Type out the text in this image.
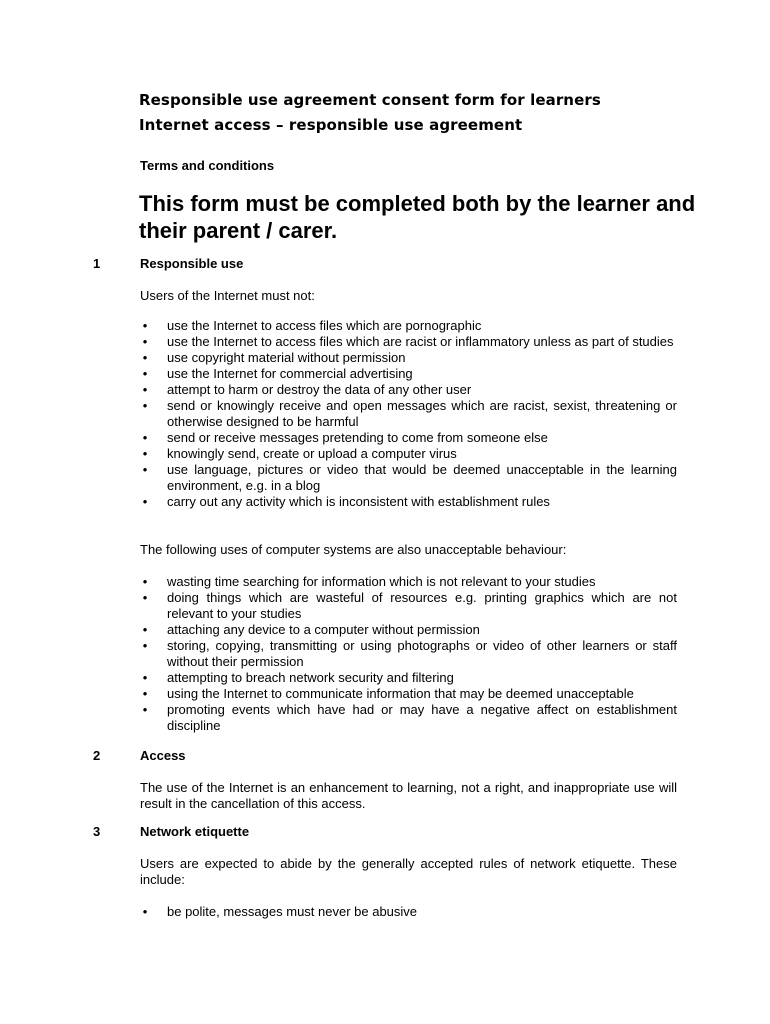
Responsible use agreement consent form for learners
Internet access – responsible use agreement
Terms and conditions
This form must be completed both by the learner and their parent / carer.
1	Responsible use
Users of the Internet must not:
• use the Internet to access files which are pornographic
• use the Internet to access files which are racist or inflammatory unless as part of studies
• use copyright material without permission
• use the Internet for commercial advertising
• attempt to harm or destroy the data of any other user
• send or knowingly receive and open messages which are racist, sexist, threatening or otherwise designed to be harmful
• send or receive messages pretending to come from someone else
• knowingly send, create or upload a computer virus
• use language, pictures or video that would be deemed unacceptable in the learning environment, e.g. in a blog
• carry out any activity which is inconsistent with establishment rules
The following uses of computer systems are also unacceptable behaviour:
• wasting time searching for information which is not relevant to your studies
• doing things which are wasteful of resources e.g. printing graphics which are not relevant to your studies
• attaching any device to a computer without permission
• storing, copying, transmitting or using photographs or video of other learners or staff without their permission
• attempting to breach network security and filtering
• using the Internet to communicate information that may be deemed unacceptable
• promoting events which have had or may have a negative affect on establishment discipline
2	Access
The use of the Internet is an enhancement to learning, not a right, and inappropriate use will result in the cancellation of this access.
3	Network etiquette
Users are expected to abide by the generally accepted rules of network etiquette. These include:
• be polite, messages must never be abusive
